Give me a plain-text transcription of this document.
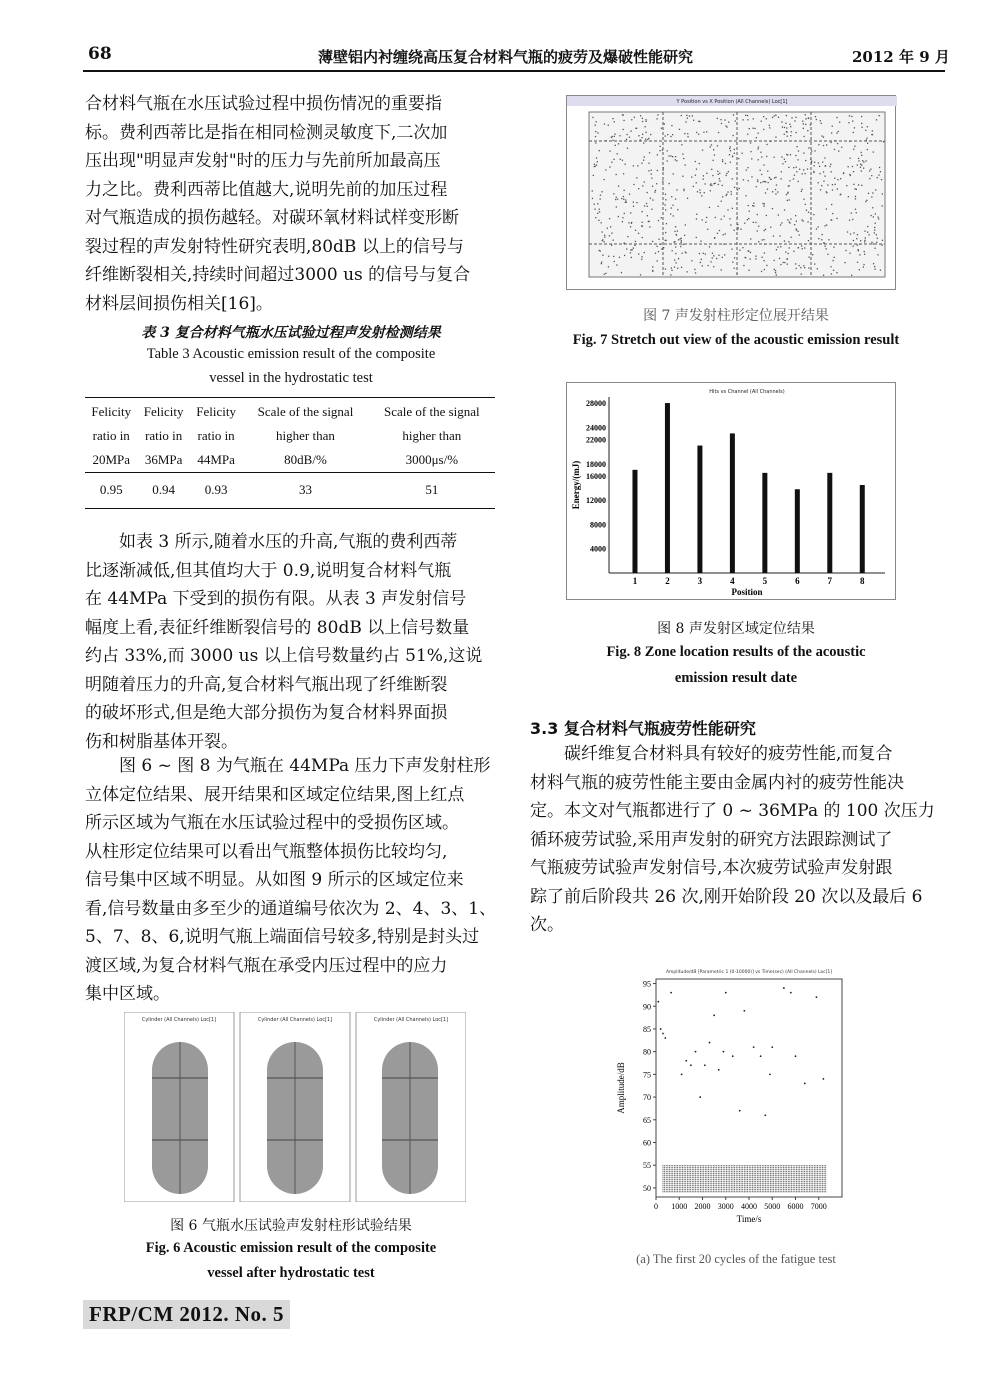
68	薄壁铝内衬缠绕高压复合材料气瓶的疲劳及爆破性能研究	2012 年 9 月
合材料气瓶在水压试验过程中损伤情况的重要指
标。费利西蒂比是指在相同检测灵敏度下,二次加
压出现"明显声发射"时的压力与先前所加最高压
力之比。费利西蒂比值越大,说明先前的加压过程
对气瓶造成的损伤越轻。对碳环氧材料试样变形断
裂过程的声发射特性研究表明,80dB 以上的信号与
纤维断裂相关,持续时间超过3000 us 的信号与复合
材料层间损伤相关[16]。
表 3 复合材料气瓶水压试验过程声发射检测结果
Table 3 Acoustic emission result of the composite
vessel in the hydrostatic test
Felicity	Felicity	Felicity	Scale of the signal	Scale of the signal
ratio in	ratio in	ratio in	higher than	higher than
20MPa	36MPa	44MPa	80dB/%	3000μs/%
0.95	0.94	0.93	33	51
如表 3 所示,随着水压的升高,气瓶的费利西蒂
比逐渐减低,但其值均大于 0.9,说明复合材料气瓶
在 44MPa 下受到的损伤有限。从表 3 声发射信号
幅度上看,表征纤维断裂信号的 80dB 以上信号数量
约占 33%,而 3000 us 以上信号数量约占 51%,这说
明随着压力的升高,复合材料气瓶出现了纤维断裂
的破坏形式,但是绝大部分损伤为复合材料界面损
伤和树脂基体开裂。
图 6 ~ 图 8 为气瓶在 44MPa 压力下声发射柱形
立体定位结果、展开结果和区域定位结果,图上红点
所示区域为气瓶在水压试验过程中的受损伤区域。
从柱形定位结果可以看出气瓶整体损伤比较均匀,
信号集中区域不明显。从如图 9 所示的区域定位来
看,信号数量由多至少的通道编号依次为 2、4、3、1、
5、7、8、6,说明气瓶上端面信号较多,特别是封头过
渡区域,为复合材料气瓶在承受内压过程中的应力
集中区域。
Cylinder (All Channels) Loc[1]	Cylinder (All Channels) Loc[1]	Cylinder (All Channels) Loc[1]
图 6 气瓶水压试验声发射柱形试验结果
Fig. 6 Acoustic emission result of the composite
vessel after hydrostatic test
Y Position vs X Position (All Channels) Loc[1]
图 7 声发射柱形定位展开结果
Fig. 7 Stretch out view of the acoustic emission result
Hits vs Channel (All Channels)
4000
8000
12000
16000
18000
22000
24000
28000
1	2	3	4	5	6	7	8
Position
Energy/(mJ)
图 8 声发射区域定位结果
Fig. 8 Zone location results of the acoustic
emission result date
3.3 复合材料气瓶疲劳性能研究
碳纤维复合材料具有较好的疲劳性能,而复合
材料气瓶的疲劳性能主要由金属内衬的疲劳性能决
定。本文对气瓶都进行了 0 ~ 36MPa 的 100 次压力
循环疲劳试验,采用声发射的研究方法跟踪测试了
气瓶疲劳试验声发射信号,本次疲劳试验声发射跟
踪了前后阶段共 26 次,刚开始阶段 20 次以及最后 6
次。
Amplitude/dB [Parametric 1 (0-10000)] vs Time(sec) (All Channels) Loc[1]
50
55
60
65
70
75
80
85
90
95
0 1000 2000 3000 4000 5000 6000 7000
Time/s
Amplitude/dB
(a) The first 20 cycles of the fatigue test
FRP/CM 2012. No. 5
